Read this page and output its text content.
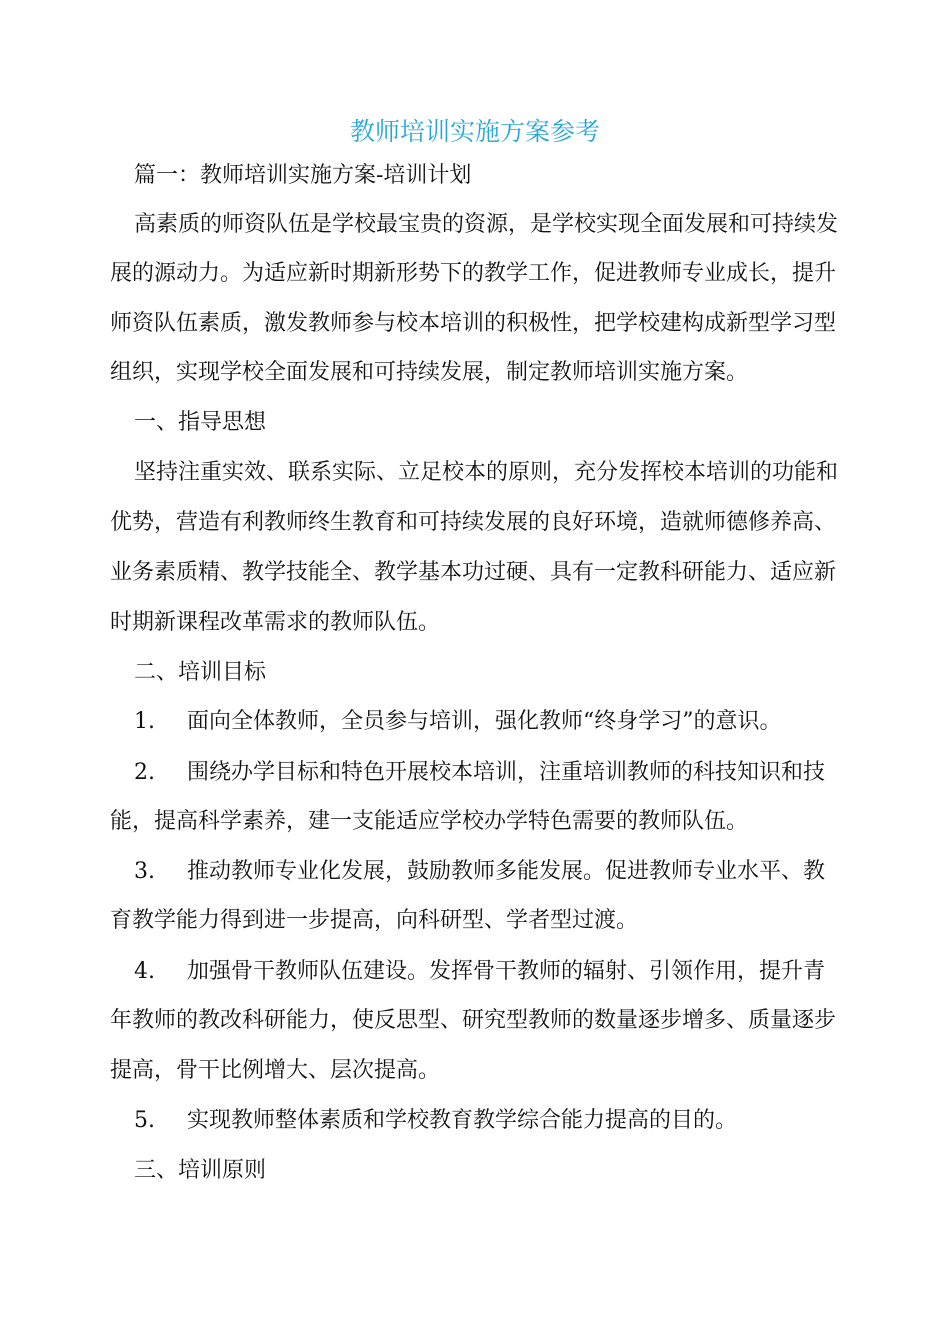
教师培训实施方案参考
篇一：教师培训实施方案-培训计划
高素质的师资队伍是学校最宝贵的资源，是学校实现全面发展和可持续发
展的源动力。为适应新时期新形势下的教学工作，促进教师专业成长，提升
师资队伍素质，激发教师参与校本培训的积极性，把学校建构成新型学习型
组织，实现学校全面发展和可持续发展，制定教师培训实施方案。
一、指导思想
坚持注重实效、联系实际、立足校本的原则，充分发挥校本培训的功能和
优势，营造有利教师终生教育和可持续发展的良好环境，造就师德修养高、
业务素质精、教学技能全、教学基本功过硬、具有一定教科研能力、适应新
时期新课程改革需求的教师队伍。
二、培训目标
1. 面向全体教师，全员参与培训，强化教师“终身学习”的意识。
2. 围绕办学目标和特色开展校本培训，注重培训教师的科技知识和技
能，提高科学素养，建一支能适应学校办学特色需要的教师队伍。
3. 推动教师专业化发展，鼓励教师多能发展。促进教师专业水平、教
育教学能力得到进一步提高，向科研型、学者型过渡。
4. 加强骨干教师队伍建设。发挥骨干教师的辐射、引领作用，提升青
年教师的教改科研能力，使反思型、研究型教师的数量逐步增多、质量逐步
提高，骨干比例增大、层次提高。
5. 实现教师整体素质和学校教育教学综合能力提高的目的。
三、培训原则
